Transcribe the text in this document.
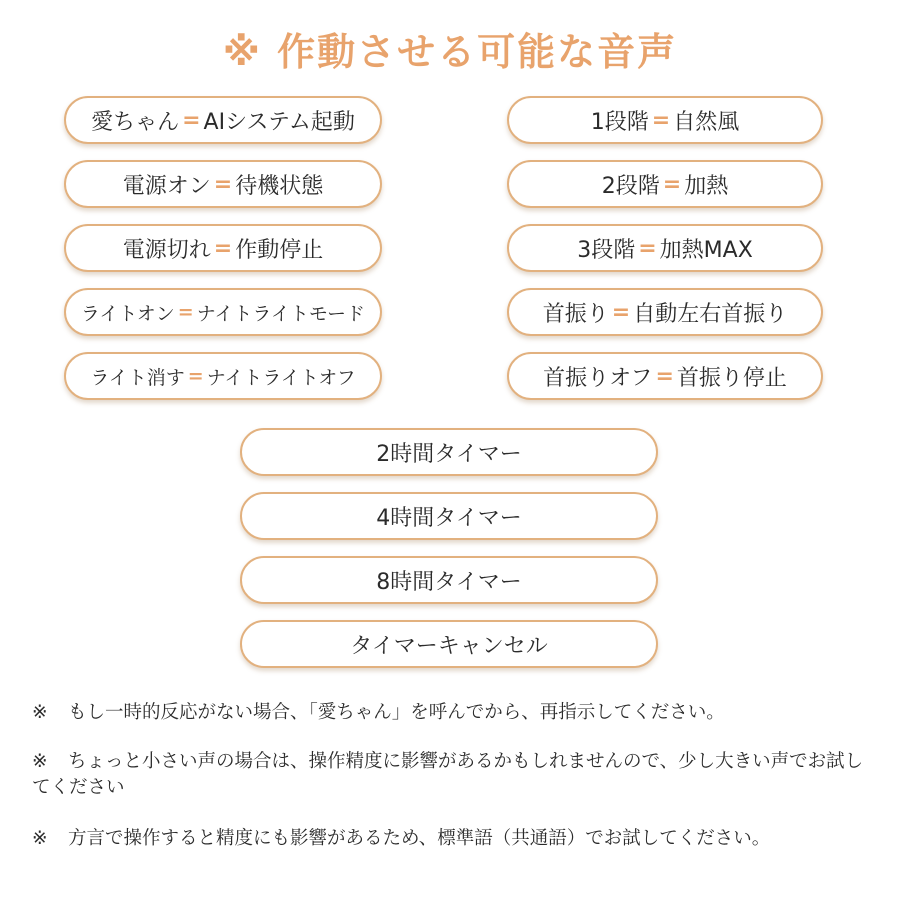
※ 作動させる可能な音声
愛ちゃん = AIシステム起動
電源オン = 待機状態
電源切れ = 作動停止
ライトオン = ナイトライトモード
ライト消す = ナイトライトオフ
1段階 = 自然風
2段階 = 加熱
3段階 = 加熱MAX
首振り = 自動左右首振り
首振りオフ = 首振り停止
2時間タイマー
4時間タイマー
8時間タイマー
タイマーキャンセル
※ もし一時的反応がない場合、「愛ちゃん」を呼んでから、再指示してください。
※ ちょっと小さい声の場合は、操作精度に影響があるかもしれませんので、少し大きい声でお試してください
※ 方言で操作すると精度にも影響があるため、標準語（共通語）でお試してください。
